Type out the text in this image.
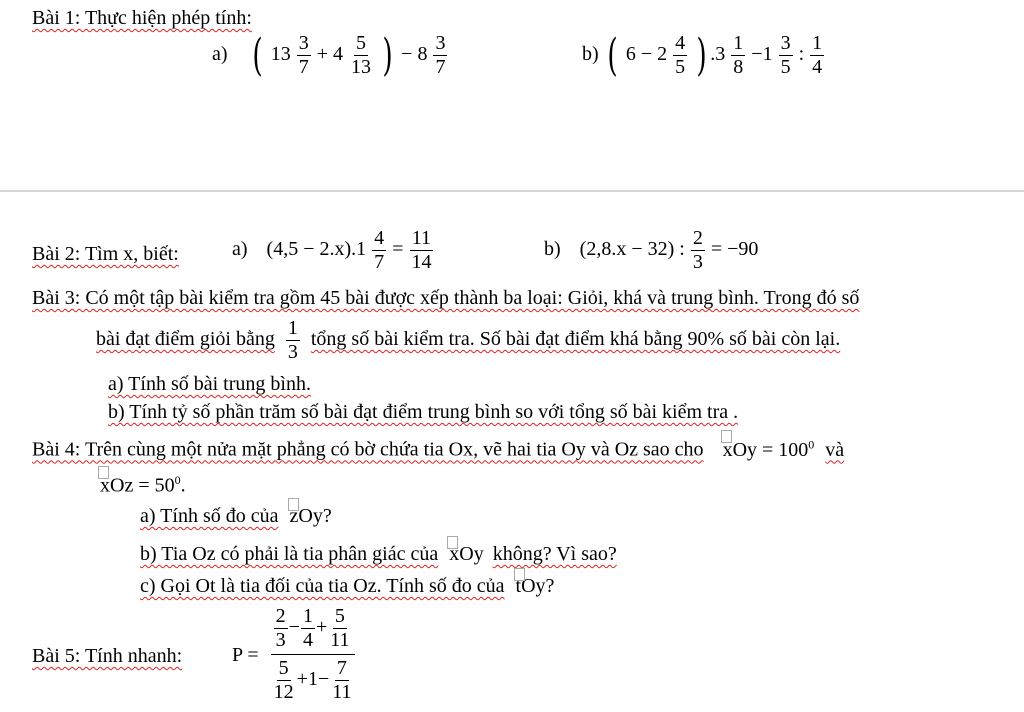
Bài 1: Thực hiện phép tính:
a) ( $13 \frac{3}{7} + 4 \frac{5}{13}$ ) − $8 \frac{3}{7}$	b) ( $6 - 2 \frac{4}{5}$ ) $.3 \frac{1}{8} -1 \frac{3}{5}$ : $\frac{1}{4}$
Bài 2: Tìm x, biết:	a) $(4,5 - 2.x).1 \frac{4}{7} = \frac{11}{14}$	b) (2,8.x − 32) : $\frac{2}{3} = -90$
Bài 3: Có một tập bài kiểm tra gồm 45 bài được xếp thành ba loại: Giỏi, khá và trung bình. Trong đó số
bài đạt điểm giỏi bằng $\frac{1}{3}$ tổng số bài kiểm tra. Số bài đạt điểm khá bằng 90% số bài còn lại.
a) Tính số bài trung bình.
b) Tính tỷ số phần trăm số bài đạt điểm trung bình so với tổng số bài kiểm tra .
Bài 4: Trên cùng một nửa mặt phẳng có bờ chứa tia Ox, vẽ hai tia Oy và Oz sao cho xOy = $100^0$ và
xOz = $50^0$.
a) Tính số đo của zOy?
b) Tia Oz có phải là tia phân giác của xOy không? Vì sao?
c) Gọi Ot là tia đối của tia Oz. Tính số đo của tOy?
Bài 5: Tính nhanh: $P = \frac{\frac{2}{3} - \frac{1}{4} + \frac{5}{11}}{\frac{5}{12} +1- \frac{7}{11}}$
